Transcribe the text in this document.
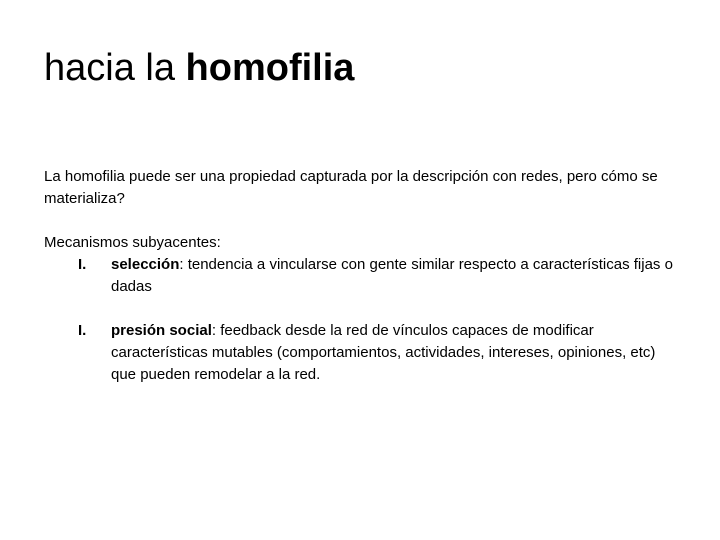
hacia la homofilia

La homofilia puede ser una propiedad capturada por la descripción con redes, pero cómo se materializa?

Mecanismos subyacentes:

I. selección: tendencia a vincularse con gente similar respecto a características fijas o dadas
I. presión social: feedback desde la red de vínculos capaces de modificar características mutables (comportamientos, actividades, intereses, opiniones, etc) que pueden remodelar a la red.
